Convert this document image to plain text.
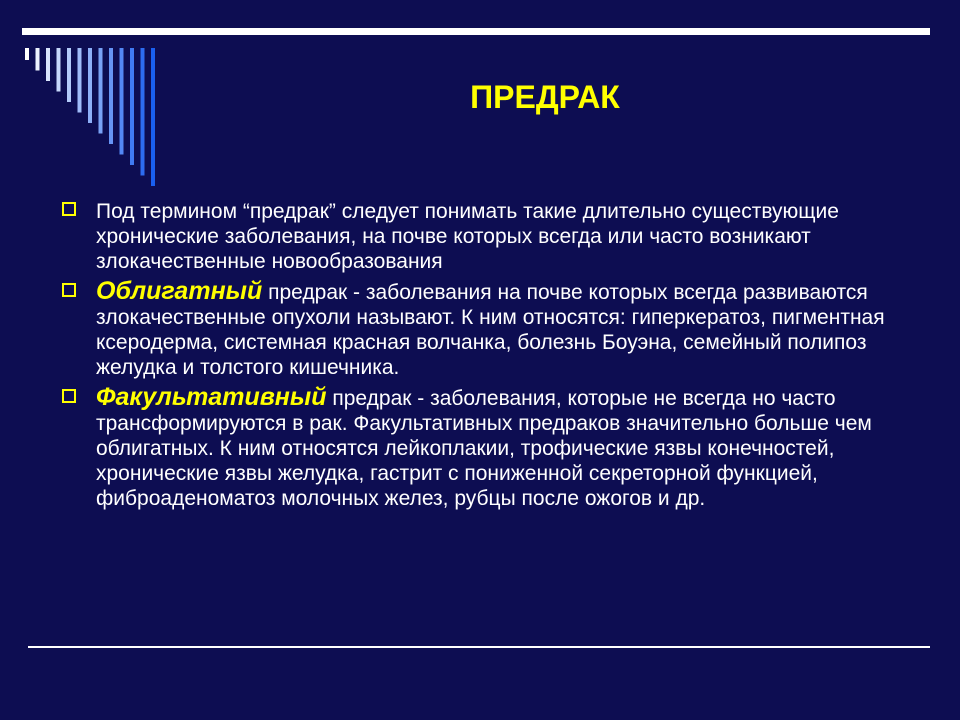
ПРЕДРАК
Под термином “предрак” следует понимать такие длительно существующие хронические заболевания, на почве которых всегда или часто возникают злокачественные новообразования
Облигатный предрак - заболевания на почве которых всегда развиваются злокачественные опухоли называют. К ним относятся: гиперкератоз, пигментная ксеродерма, системная красная волчанка, болезнь Боуэна, семейный полипоз желудка и толстого кишечника.
Факультативный предрак - заболевания, которые не всегда но часто трансформируются в рак. Факультативных предраков значительно больше чем облигатных. К ним относятся лейкоплакии, трофические язвы конечностей, хронические язвы желудка, гастрит с пониженной секреторной функцией, фиброаденоматоз молочных желез, рубцы после ожогов и др.
